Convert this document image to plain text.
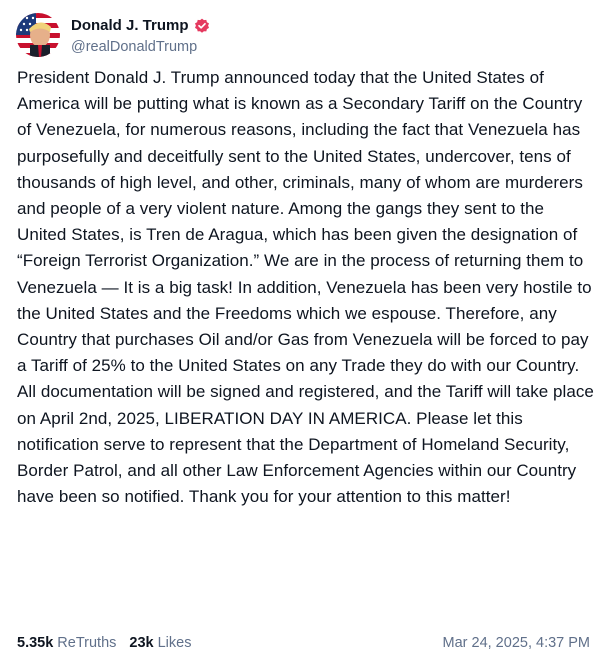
Donald J. Trump
@realDonaldTrump
President Donald J. Trump announced today that the United States of America will be putting what is known as a Secondary Tariff on the Country of Venezuela, for numerous reasons, including the fact that Venezuela has purposefully and deceitfully sent to the United States, undercover, tens of thousands of high level, and other, criminals, many of whom are murderers and people of a very violent nature. Among the gangs they sent to the United States, is Tren de Aragua, which has been given the designation of “Foreign Terrorist Organization.” We are in the process of returning them to Venezuela — It is a big task! In addition, Venezuela has been very hostile to the United States and the Freedoms which we espouse. Therefore, any Country that purchases Oil and/or Gas from Venezuela will be forced to pay a Tariff of 25% to the United States on any Trade they do with our Country. All documentation will be signed and registered, and the Tariff will take place on April 2nd, 2025, LIBERATION DAY IN AMERICA. Please let this notification serve to represent that the Department of Homeland Security, Border Patrol, and all other Law Enforcement Agencies within our Country have been so notified. Thank you for your attention to this matter!
5.35k ReTruths 23k Likes	Mar 24, 2025, 4:37 PM
